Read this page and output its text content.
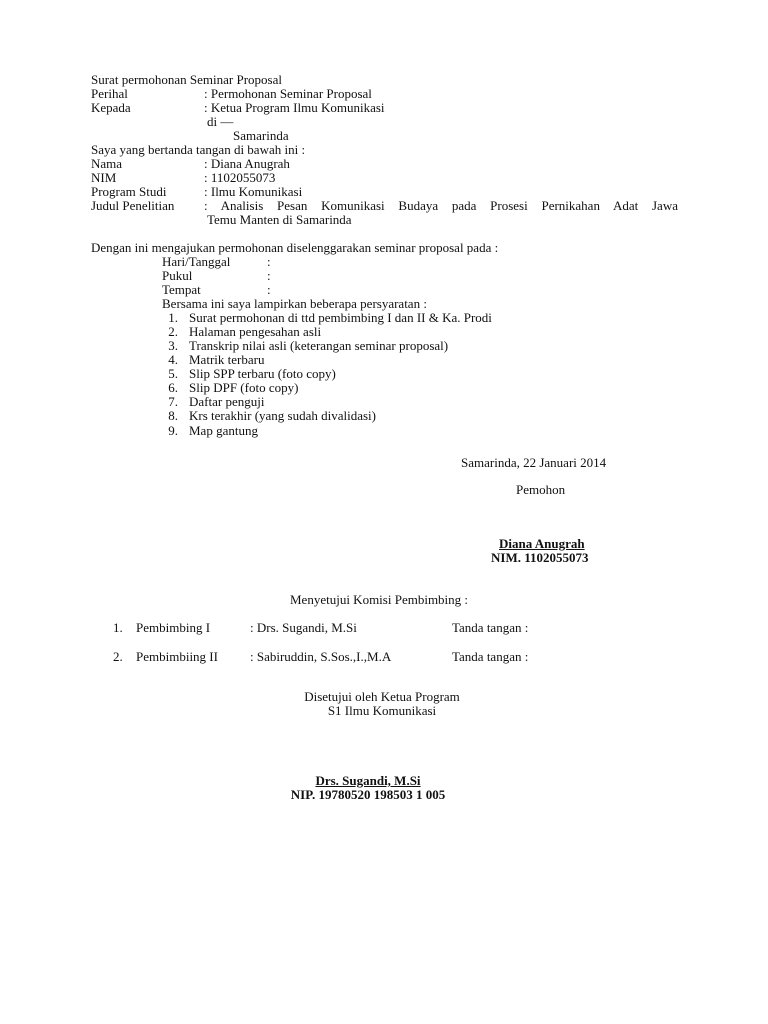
Surat permohonan Seminar Proposal
Perihal	: Permohonan Seminar Proposal
Kepada	: Ketua Program Ilmu Komunikasi
di —
Samarinda
Saya yang bertanda tangan di bawah ini :
Nama	: Diana Anugrah
NIM	: 1102055073
Program Studi	: Ilmu Komunikasi
Judul Penelitian : Analisis Pesan Komunikasi Budaya pada Prosesi Pernikahan Adat Jawa
Temu Manten di Samarinda
Dengan ini mengajukan permohonan diselenggarakan seminar proposal pada :
Hari/Tanggal	:
Pukul	:
Tempat	:
Bersama ini saya lampirkan beberapa persyaratan :
1. Surat permohonan di ttd pembimbing I dan II & Ka. Prodi
2. Halaman pengesahan asli
3. Transkrip nilai asli (keterangan seminar proposal)
4. Matrik terbaru
5. Slip SPP terbaru (foto copy)
6. Slip DPF (foto copy)
7. Daftar penguji
8. Krs terakhir (yang sudah divalidasi)
9. Map gantung
Samarinda, 22 Januari 2014
Pemohon
Diana Anugrah
NIM. 1102055073
Menyetujui Komisi Pembimbing :
1. Pembimbing I	: Drs. Sugandi, M.Si	Tanda tangan :
2. Pembimbiing II : Sabiruddin, S.Sos.,I.,M.A	Tanda tangan :
Disetujui oleh Ketua Program
S1 Ilmu Komunikasi
Drs. Sugandi, M.Si
NIP. 19780520 198503 1 005
